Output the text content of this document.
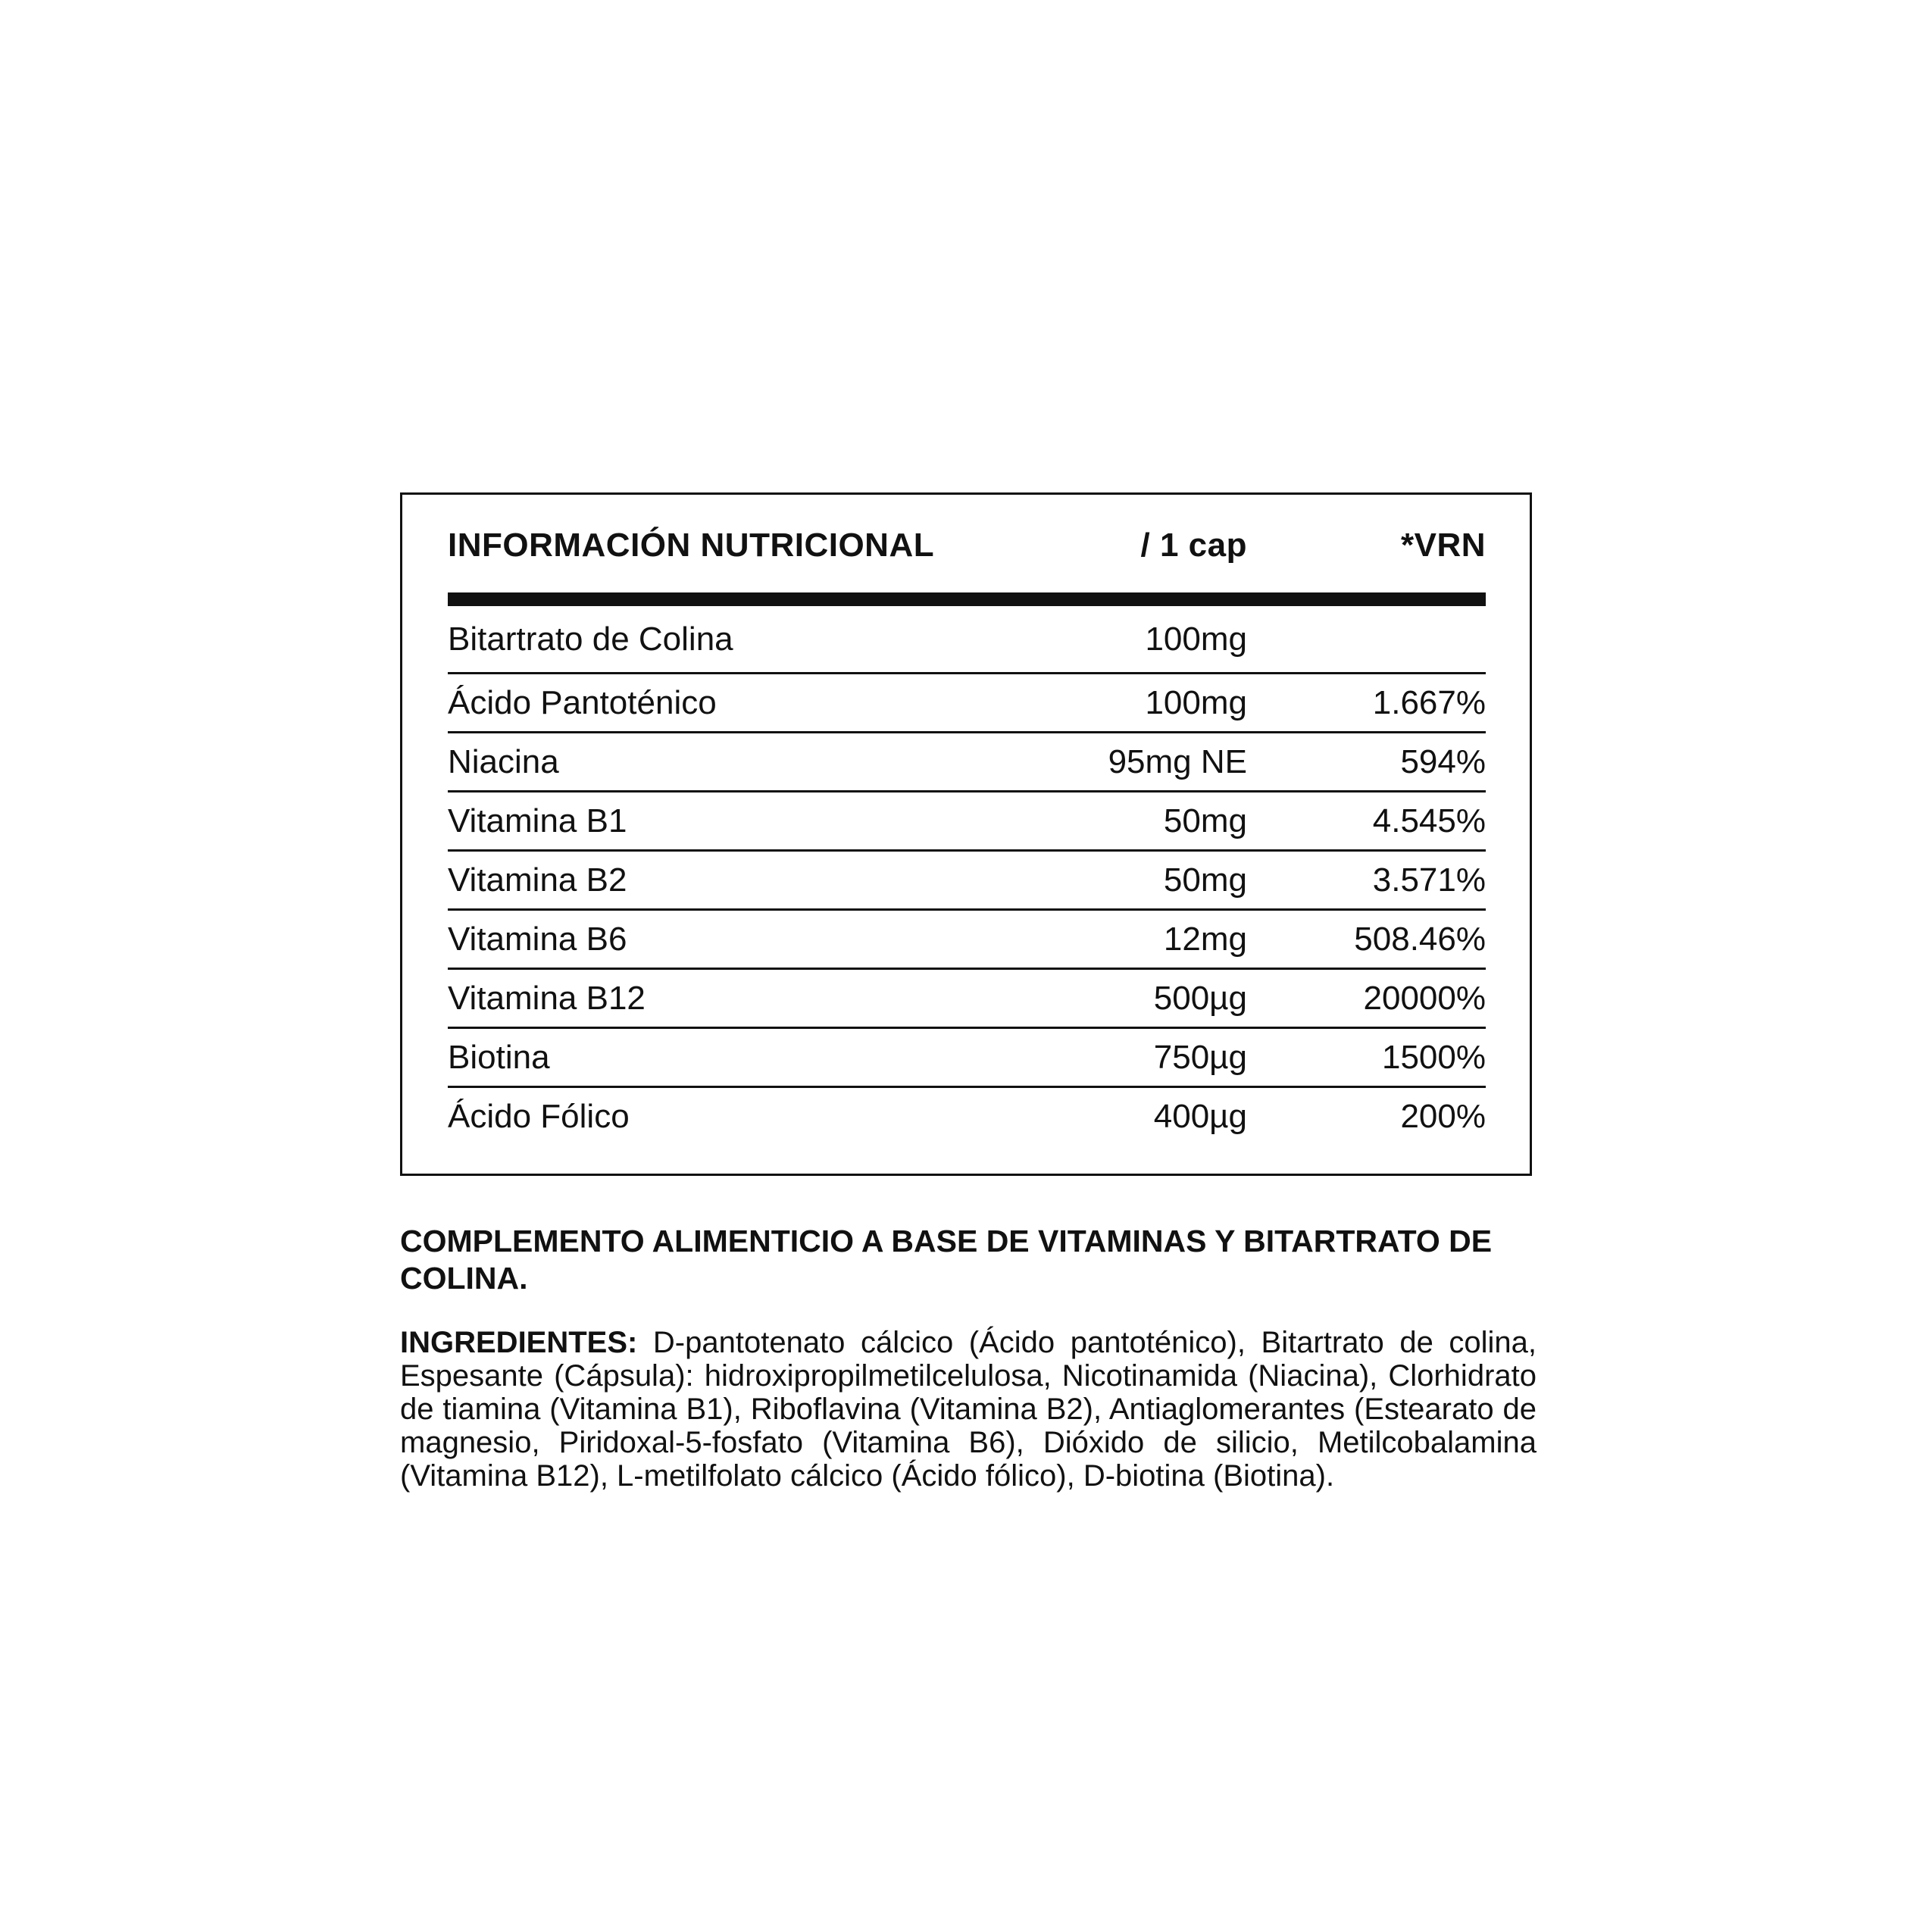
INFORMACIÓN NUTRICIONAL	/ 1 cap	*VRN
Bitartrato de Colina	100mg
Ácido Pantoténico	100mg	1.667%
Niacina	95mg NE	594%
Vitamina B1	50mg	4.545%
Vitamina B2	50mg	3.571%
Vitamina B6	12mg	508.46%
Vitamina B12	500µg	20000%
Biotina	750µg	1500%
Ácido Fólico	400µg	200%
COMPLEMENTO ALIMENTICIO A BASE DE VITAMINAS Y BITARTRATO DE COLINA.

INGREDIENTES: D-pantotenato cálcico (Ácido pantoténico), Bitartrato de colina, Espesante (Cápsula): hidroxipropilmetilcelulosa, Nicotinamida (Niacina), Clorhidrato de tiamina (Vitamina B1), Riboflavina (Vitamina B2), Antiaglomerantes (Estearato de magnesio, Piridoxal-5-fosfato (Vitamina B6), Dióxido de silicio, Metilcobalamina (Vitamina B12), L-metilfolato cálcico (Ácido fólico), D-biotina (Biotina).
